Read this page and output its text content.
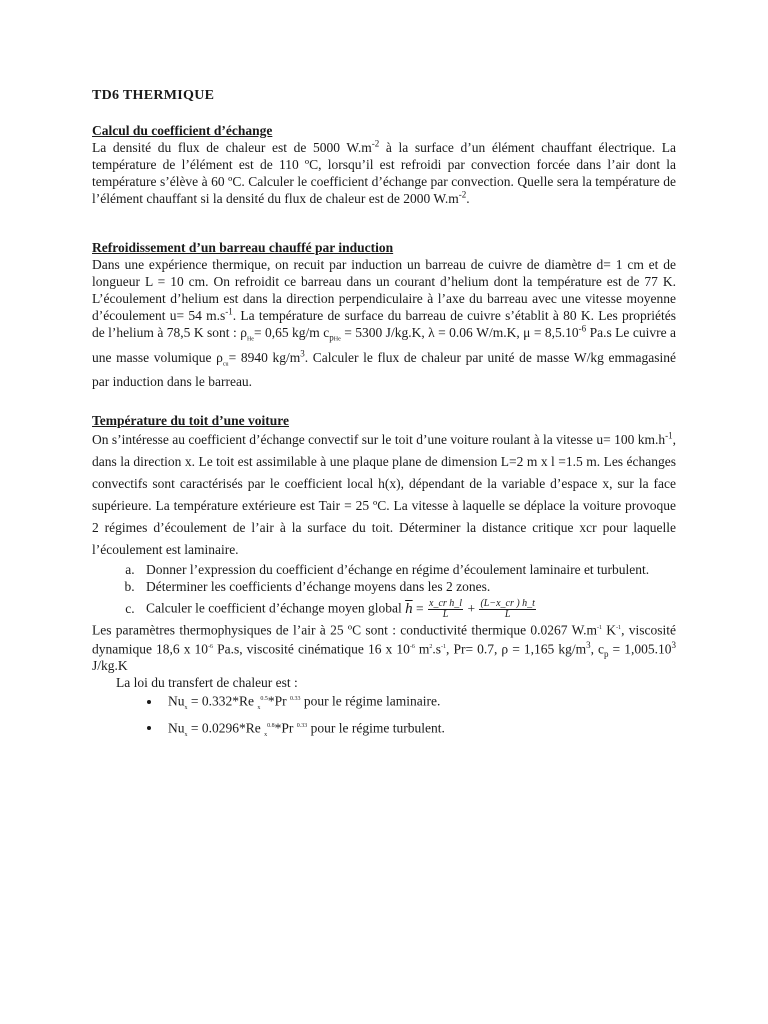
TD6 THERMIQUE

Calcul du coefficient d’échange

La densité du flux de chaleur est de 5000 $W.m^{-2}$ à la surface d’un élément chauffant électrique. La température de l’élément est de 110 ºC, lorsqu’il est refroidi par convection forcée dans l’air dont la température s’élève à 60 ºC. Calculer le coefficient d’échange par convection. Quelle sera la température de l’élément chauffant si la densité du flux de chaleur est de 2000 $W.m^{-2}$.

Refroidissement d’un barreau chauffé par induction

Dans une expérience thermique, on recuit par induction un barreau de cuivre de diamètre d= 1 cm et de longueur L = 10 cm. On refroidit ce barreau dans un courant d’helium dont la température est de 77 K. L’écoulement d’helium est dans la direction perpendiculaire à l’axe du barreau avec une vitesse moyenne d’écoulement u= 54 $m.s^{-1}$. La température de surface du barreau de cuivre s’établit à 80 K. Les propriétés de l’helium à 78,5 K sont : $\rho_{He}= 0,65$ kg/m $c_{pHe} = 5300$ J/kg.K, λ = 0.06 W/m.K, $\mu = 8,5.10^{-6}$ Pa.s Le cuivre a une masse volumique $\rho_{cu}= 8940$ $kg/m^3$. Calculer le flux de chaleur par unité de masse W/kg emmagasiné par induction dans le barreau.

Température du toit d’une voiture

On s’intéresse au coefficient d’échange convectif sur le toit d’une voiture roulant à la vitesse u= 100 $km.h^{-1}$, dans la direction x. Le toit est assimilable à une plaque plane de dimension L=2 m x l =1.5 m. Les échanges convectifs sont caractérisés par le coefficient local h(x), dépendant de la variable d’espace x, sur la face supérieure. La température extérieure est Tair = 25 ºC. La vitesse à laquelle se déplace la voiture provoque 2 régimes d’écoulement de l’air à la surface du toit. Déterminer la distance critique xcr pour laquelle l’écoulement est laminaire.

a. Donner l’expression du coefficient d’échange en régime d’écoulement laminaire et turbulent.
b. Déterminer les coefficients d’échange moyens dans les 2 zones.
c. Calculer le coefficient d’échange moyen global $\overline{h} = \frac{\text{x\_cr h\_l}}{L} + \frac{(L-x\_cr ) h\_t}{L}$

Les paramètres thermophysiques de l’air à 25 ºC sont : conductivité thermique 0.0267 $W.m^{-1}$ $K^{-1}$, viscosité dynamique 18,6 x $10^{-6}$ Pa.s, viscosité cinématique 16 x $10^{-6}$ $m^2.s^{-1}$, Pr= 0.7, ρ = 1,165 $kg/m^3$, $c_p = 1,005.10^3$ J/kg.K

La loi du transfert de chaleur est :

• $Nu_x = 0.332*Re$ $_x^{0.5}$*Pr $^{0.33}$ pour le régime laminaire.
• $Nu_x = 0.0296*Re$ $_x^{0.8}$*Pr $^{0.33}$ pour le régime turbulent.
